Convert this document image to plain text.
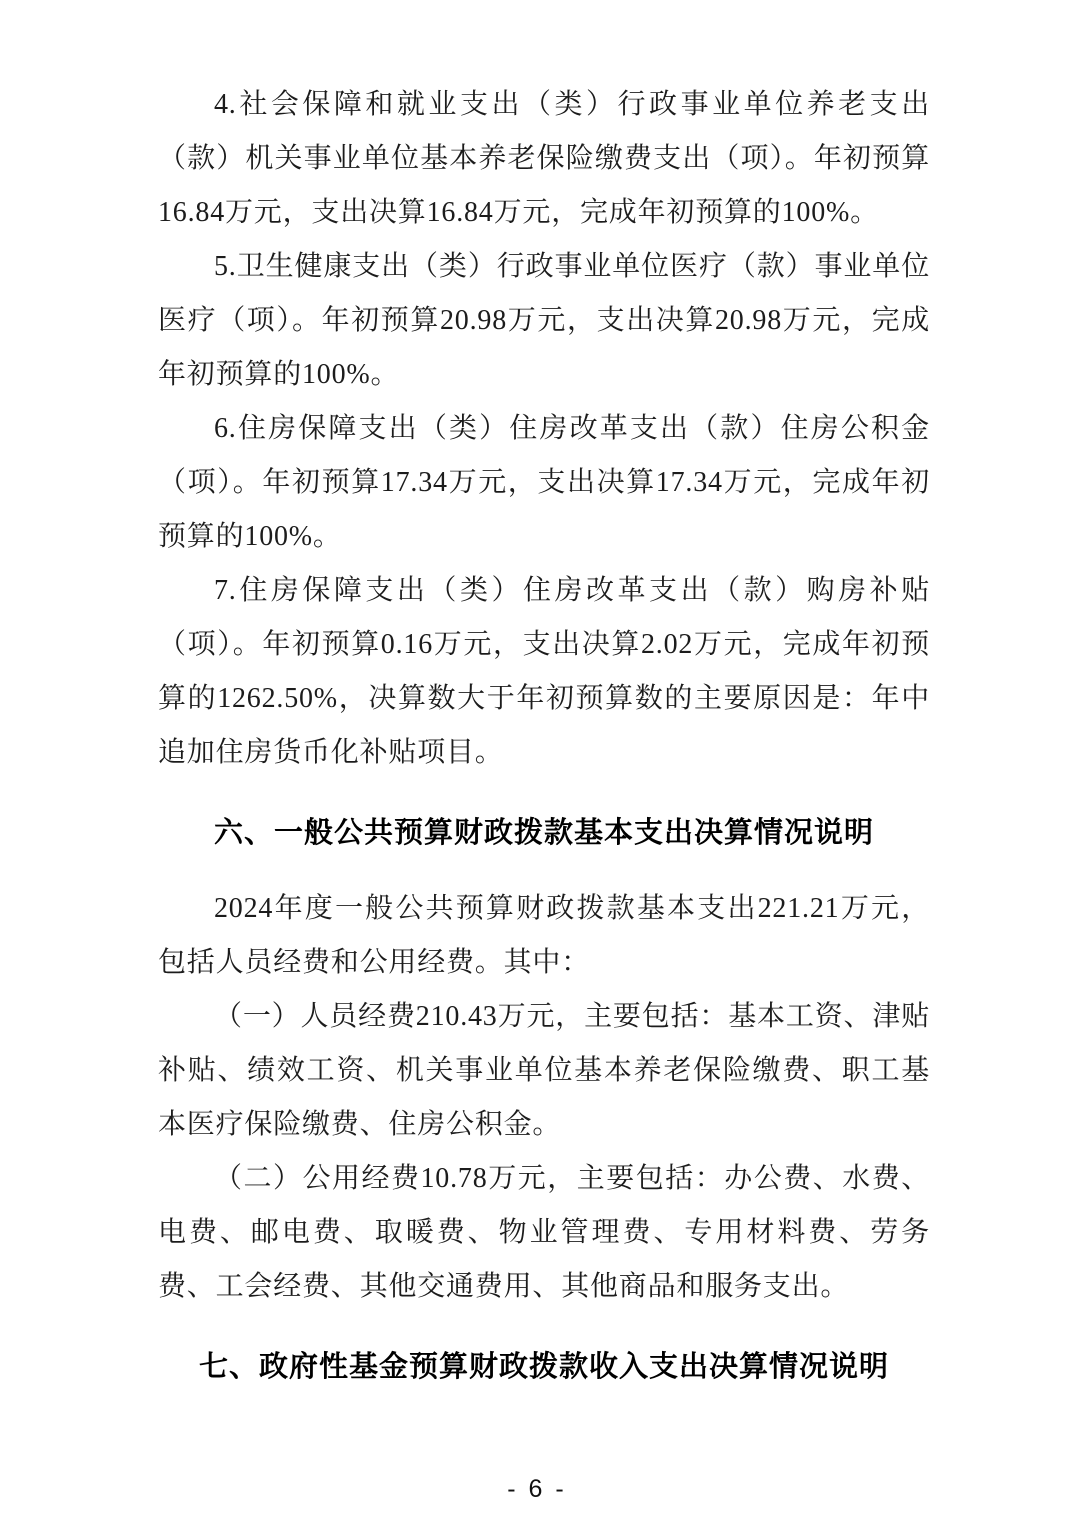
4.社会保障和就业支出（类）行政事业单位养老支出（款）机关事业单位基本养老保险缴费支出（项）。年初预算16.84万元，支出决算16.84万元，完成年初预算的100%。

5.卫生健康支出（类）行政事业单位医疗（款）事业单位医疗（项）。年初预算20.98万元，支出决算20.98万元，完成年初预算的100%。

6.住房保障支出（类）住房改革支出（款）住房公积金（项）。年初预算17.34万元，支出决算17.34万元，完成年初预算的100%。

7.住房保障支出（类）住房改革支出（款）购房补贴（项）。年初预算0.16万元，支出决算2.02万元，完成年初预算的1262.50%，决算数大于年初预算数的主要原因是：年中追加住房货币化补贴项目。

六、一般公共预算财政拨款基本支出决算情况说明

2024年度一般公共预算财政拨款基本支出221.21万元，包括人员经费和公用经费。其中：

（一）人员经费210.43万元，主要包括：基本工资、津贴补贴、绩效工资、机关事业单位基本养老保险缴费、职工基本医疗保险缴费、住房公积金。

（二）公用经费10.78万元，主要包括：办公费、水费、电费、邮电费、取暖费、物业管理费、专用材料费、劳务费、工会经费、其他交通费用、其他商品和服务支出。

七、政府性基金预算财政拨款收入支出决算情况说明
- 6 -
